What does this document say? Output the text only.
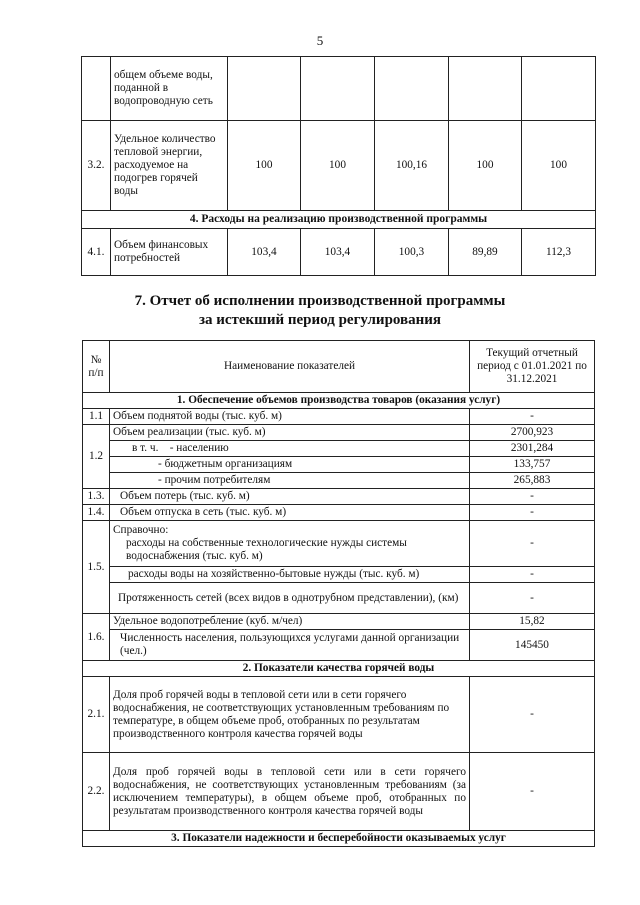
5
	общем объеме воды, поданной в водопроводную сеть					
3.2.	Удельное количество тепловой энергии, расходуемое на подогрев горячей воды	100	100	100,16	100	100
4. Расходы на реализацию производственной программы						
4.1.	Объем финансовых потребностей	103,4	103,4	100,3	89,89	112,3
7. Отчет об исполнении производственной программы
за истекший период регулирования
№ п/п	Наименование показателей	Текущий отчетный период с 01.01.2021 по 31.12.2021
1. Обеспечение объемов производства товаров (оказания услуг)		
1.1	Объем поднятой воды (тыс. куб. м)	-
1.2	Объем реализации (тыс. куб. м)	2700,923
	в т. ч. - населению	2301,284
	- бюджетным организациям	133,757
	- прочим потребителям	265,883
1.3.	Объем потерь (тыс. куб. м)	-
1.4.	Объем отпуска в сеть (тыс. куб. м)	-
1.5.	Справочно:
расходы на собственные технологические нужды системы водоснабжения (тыс. куб. м)	-
	расходы воды на хозяйственно-бытовые нужды (тыс. куб. м)	-
	Протяженность сетей (всех видов в однотрубном представлении), (км)	-
1.6.	Удельное водопотребление (куб. м/чел)	15,82
	Численность населения, пользующихся услугами данной организации (чел.)	145450
2. Показатели качества горячей воды		
2.1.	Доля проб горячей воды в тепловой сети или в сети горячего водоснабжения, не соответствующих установленным требованиям по температуре, в общем объеме проб, отобранных по результатам производственного контроля качества горячей воды	-
2.2.	Доля проб горячей воды в тепловой сети или в сети горячего водоснабжения, не соответствующих установленным требованиям (за исключением температуры), в общем объеме проб, отобранных по результатам производственного контроля качества горячей воды	-
3. Показатели надежности и бесперебойности оказываемых услуг		
